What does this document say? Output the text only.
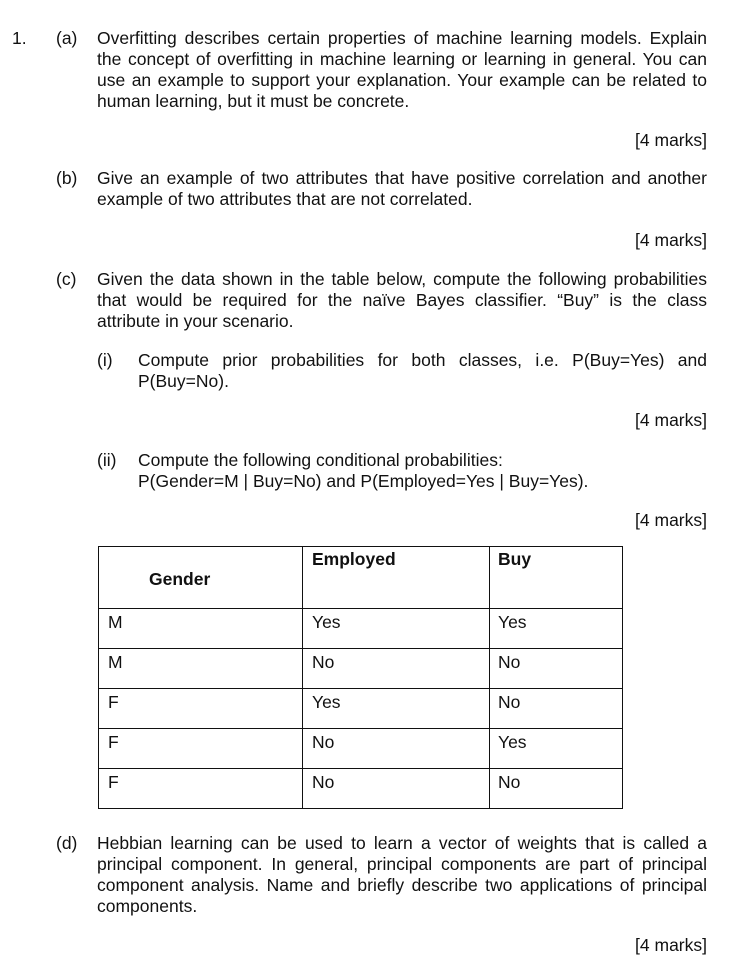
1. (a) Overfitting describes certain properties of machine learning models. Explain the concept of overfitting in machine learning or learning in general. You can use an example to support your explanation. Your example can be related to human learning, but it must be concrete.
[4 marks]
(b) Give an example of two attributes that have positive correlation and another example of two attributes that are not correlated.
[4 marks]
(c) Given the data shown in the table below, compute the following probabilities that would be required for the naïve Bayes classifier. “Buy” is the class attribute in your scenario.
(i) Compute prior probabilities for both classes, i.e. P(Buy=Yes) and P(Buy=No).
[4 marks]
(ii) Compute the following conditional probabilities:
P(Gender=M | Buy=No) and P(Employed=Yes | Buy=Yes).
[4 marks]
Gender	Employed	Buy

M	Yes	Yes

M	No	No

F	Yes	No

F	No	Yes

F	No	No
(d) Hebbian learning can be used to learn a vector of weights that is called a principal component. In general, principal components are part of principal component analysis. Name and briefly describe two applications of principal components.
[4 marks]
